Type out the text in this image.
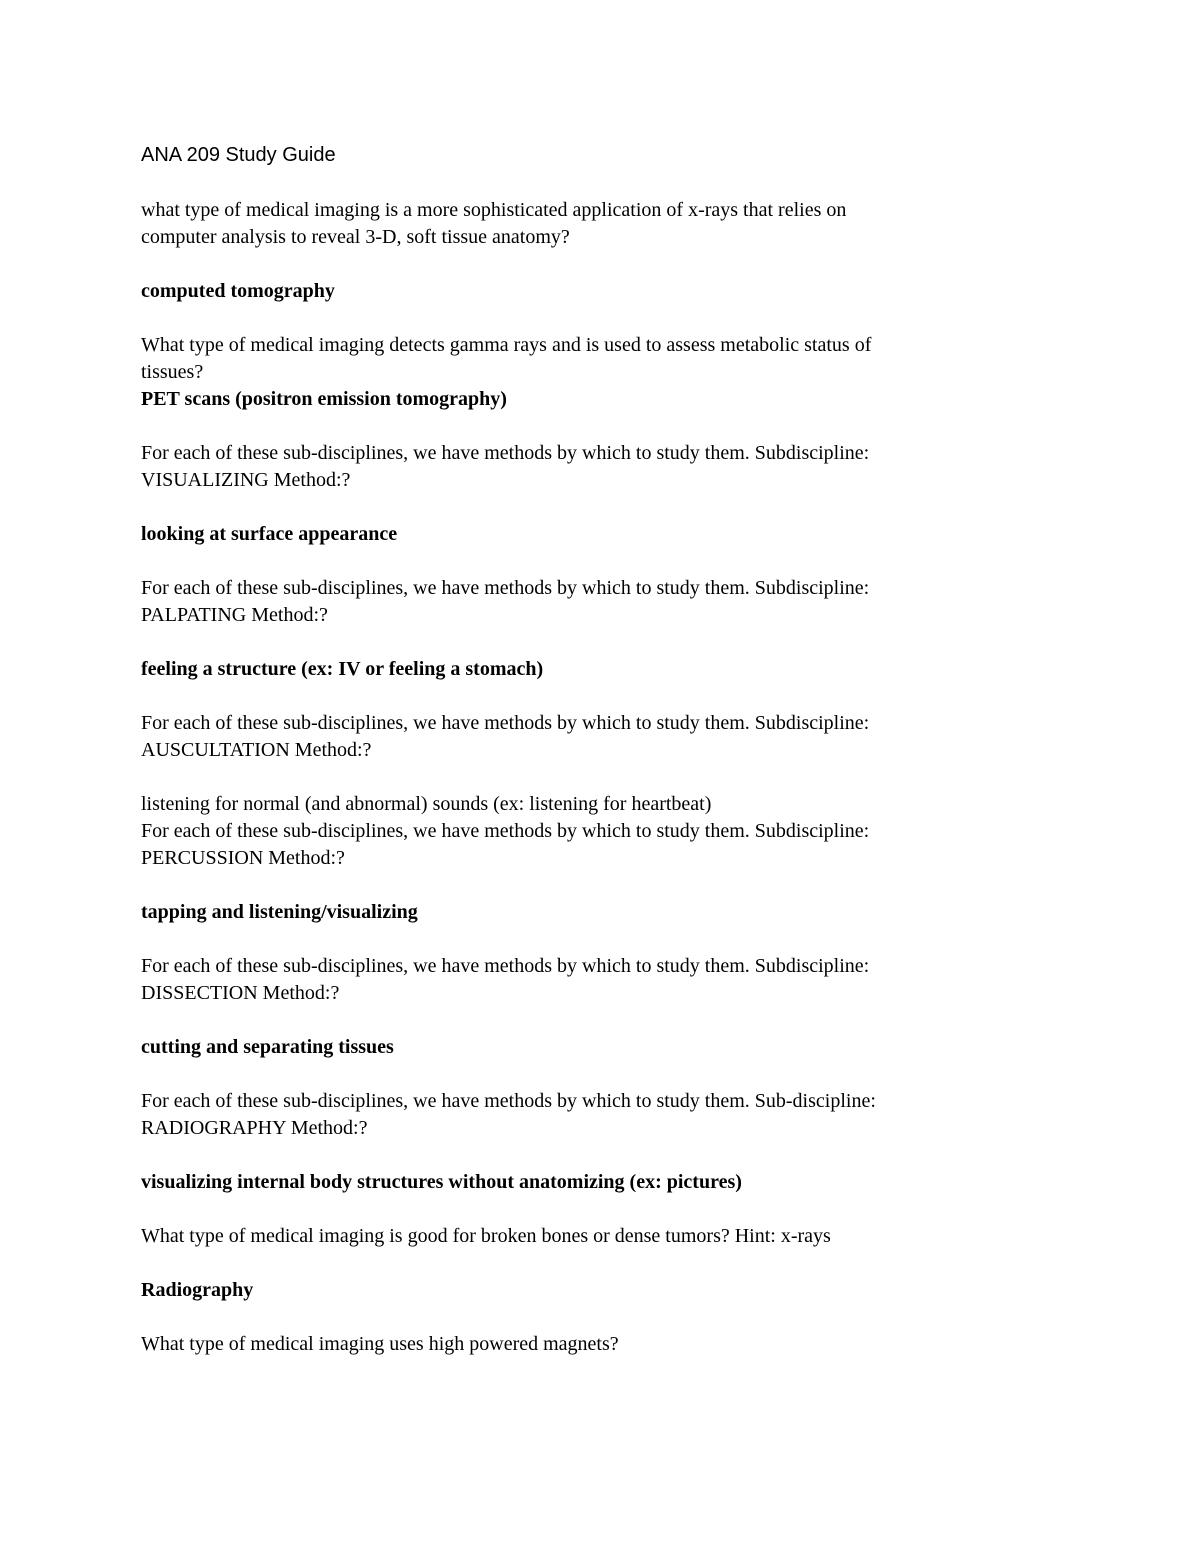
ANA 209 Study Guide

what type of medical imaging is a more sophisticated application of x-rays that relies on
computer analysis to reveal 3-D, soft tissue anatomy?

computed tomography

What type of medical imaging detects gamma rays and is used to assess metabolic status of
tissues?

PET scans (positron emission tomography)

For each of these sub-disciplines, we have methods by which to study them. Subdiscipline:
VISUALIZING Method:?

looking at surface appearance

For each of these sub-disciplines, we have methods by which to study them. Subdiscipline:
PALPATING Method:?

feeling a structure (ex: IV or feeling a stomach)

For each of these sub-disciplines, we have methods by which to study them. Subdiscipline:
AUSCULTATION Method:?

listening for normal (and abnormal) sounds (ex: listening for heartbeat)

For each of these sub-disciplines, we have methods by which to study them. Subdiscipline:
PERCUSSION Method:?

tapping and listening/visualizing

For each of these sub-disciplines, we have methods by which to study them. Subdiscipline:
DISSECTION Method:?

cutting and separating tissues

For each of these sub-disciplines, we have methods by which to study them. Sub-discipline:
RADIOGRAPHY Method:?

visualizing internal body structures without anatomizing (ex: pictures)

What type of medical imaging is good for broken bones or dense tumors? Hint: x-rays

Radiography

What type of medical imaging uses high powered magnets?
